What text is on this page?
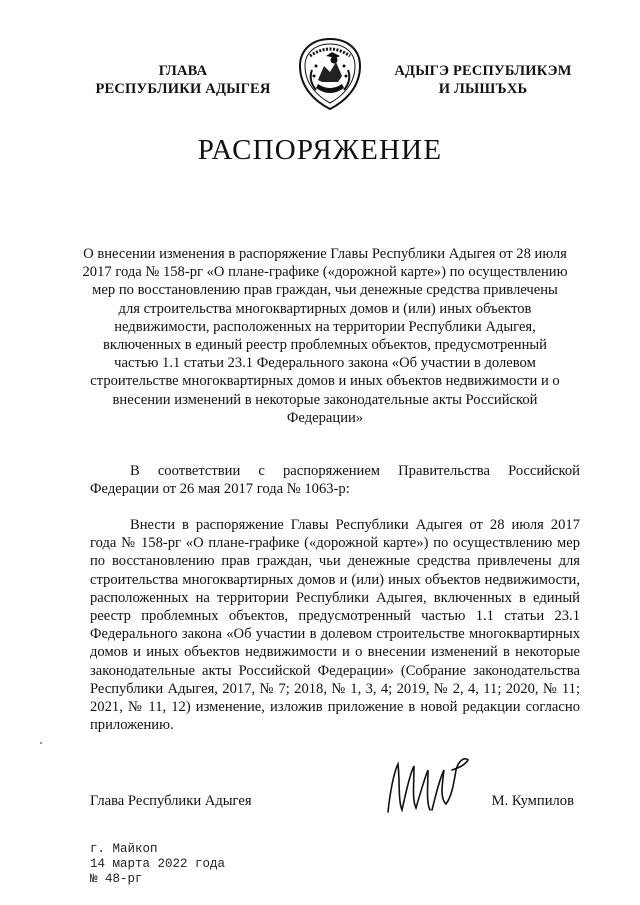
ГЛАВА
РЕСПУБЛИКИ АДЫГЕЯ
АДЫГЭ РЕСПУБЛИКЭМ
И ЛЫШЪХЬ
РАСПОРЯЖЕНИЕ
О внесении изменения в распоряжение Главы Республики Адыгея от 28 июля 2017 года № 158-рг «О плане-графике («дорожной карте») по осуществлению мер по восстановлению прав граждан, чьи денежные средства привлечены для строительства многоквартирных домов и (или) иных объектов недвижимости, расположенных на территории Республики Адыгея, включенных в единый реестр проблемных объектов, предусмотренный частью 1.1 статьи 23.1 Федерального закона «Об участии в долевом строительстве многоквартирных домов и иных объектов недвижимости и о внесении изменений в некоторые законодательные акты Российской Федерации»
В соответствии с распоряжением Правительства Российской Федерации от 26 мая 2017 года № 1063-р:
Внести в распоряжение Главы Республики Адыгея от 28 июля 2017 года № 158-рг «О плане-графике («дорожной карте») по осуществлению мер по восстановлению прав граждан, чьи денежные средства привлечены для строительства многоквартирных домов и (или) иных объектов недвижимости, расположенных на территории Республики Адыгея, включенных в единый реестр проблемных объектов, предусмотренный частью 1.1 статьи 23.1 Федерального закона «Об участии в долевом строительстве многоквартирных домов и иных объектов недвижимости и о внесении изменений в некоторые законодательные акты Российской Федерации» (Собрание законодательства Республики Адыгея, 2017, № 7; 2018, № 1, 3, 4; 2019, № 2, 4, 11; 2020, № 11; 2021, № 11, 12) изменение, изложив приложение в новой редакции согласно приложению.
Глава Республики Адыгея	М. Кумпилов
г. Майкоп
14 марта 2022 года
№ 48-рг
